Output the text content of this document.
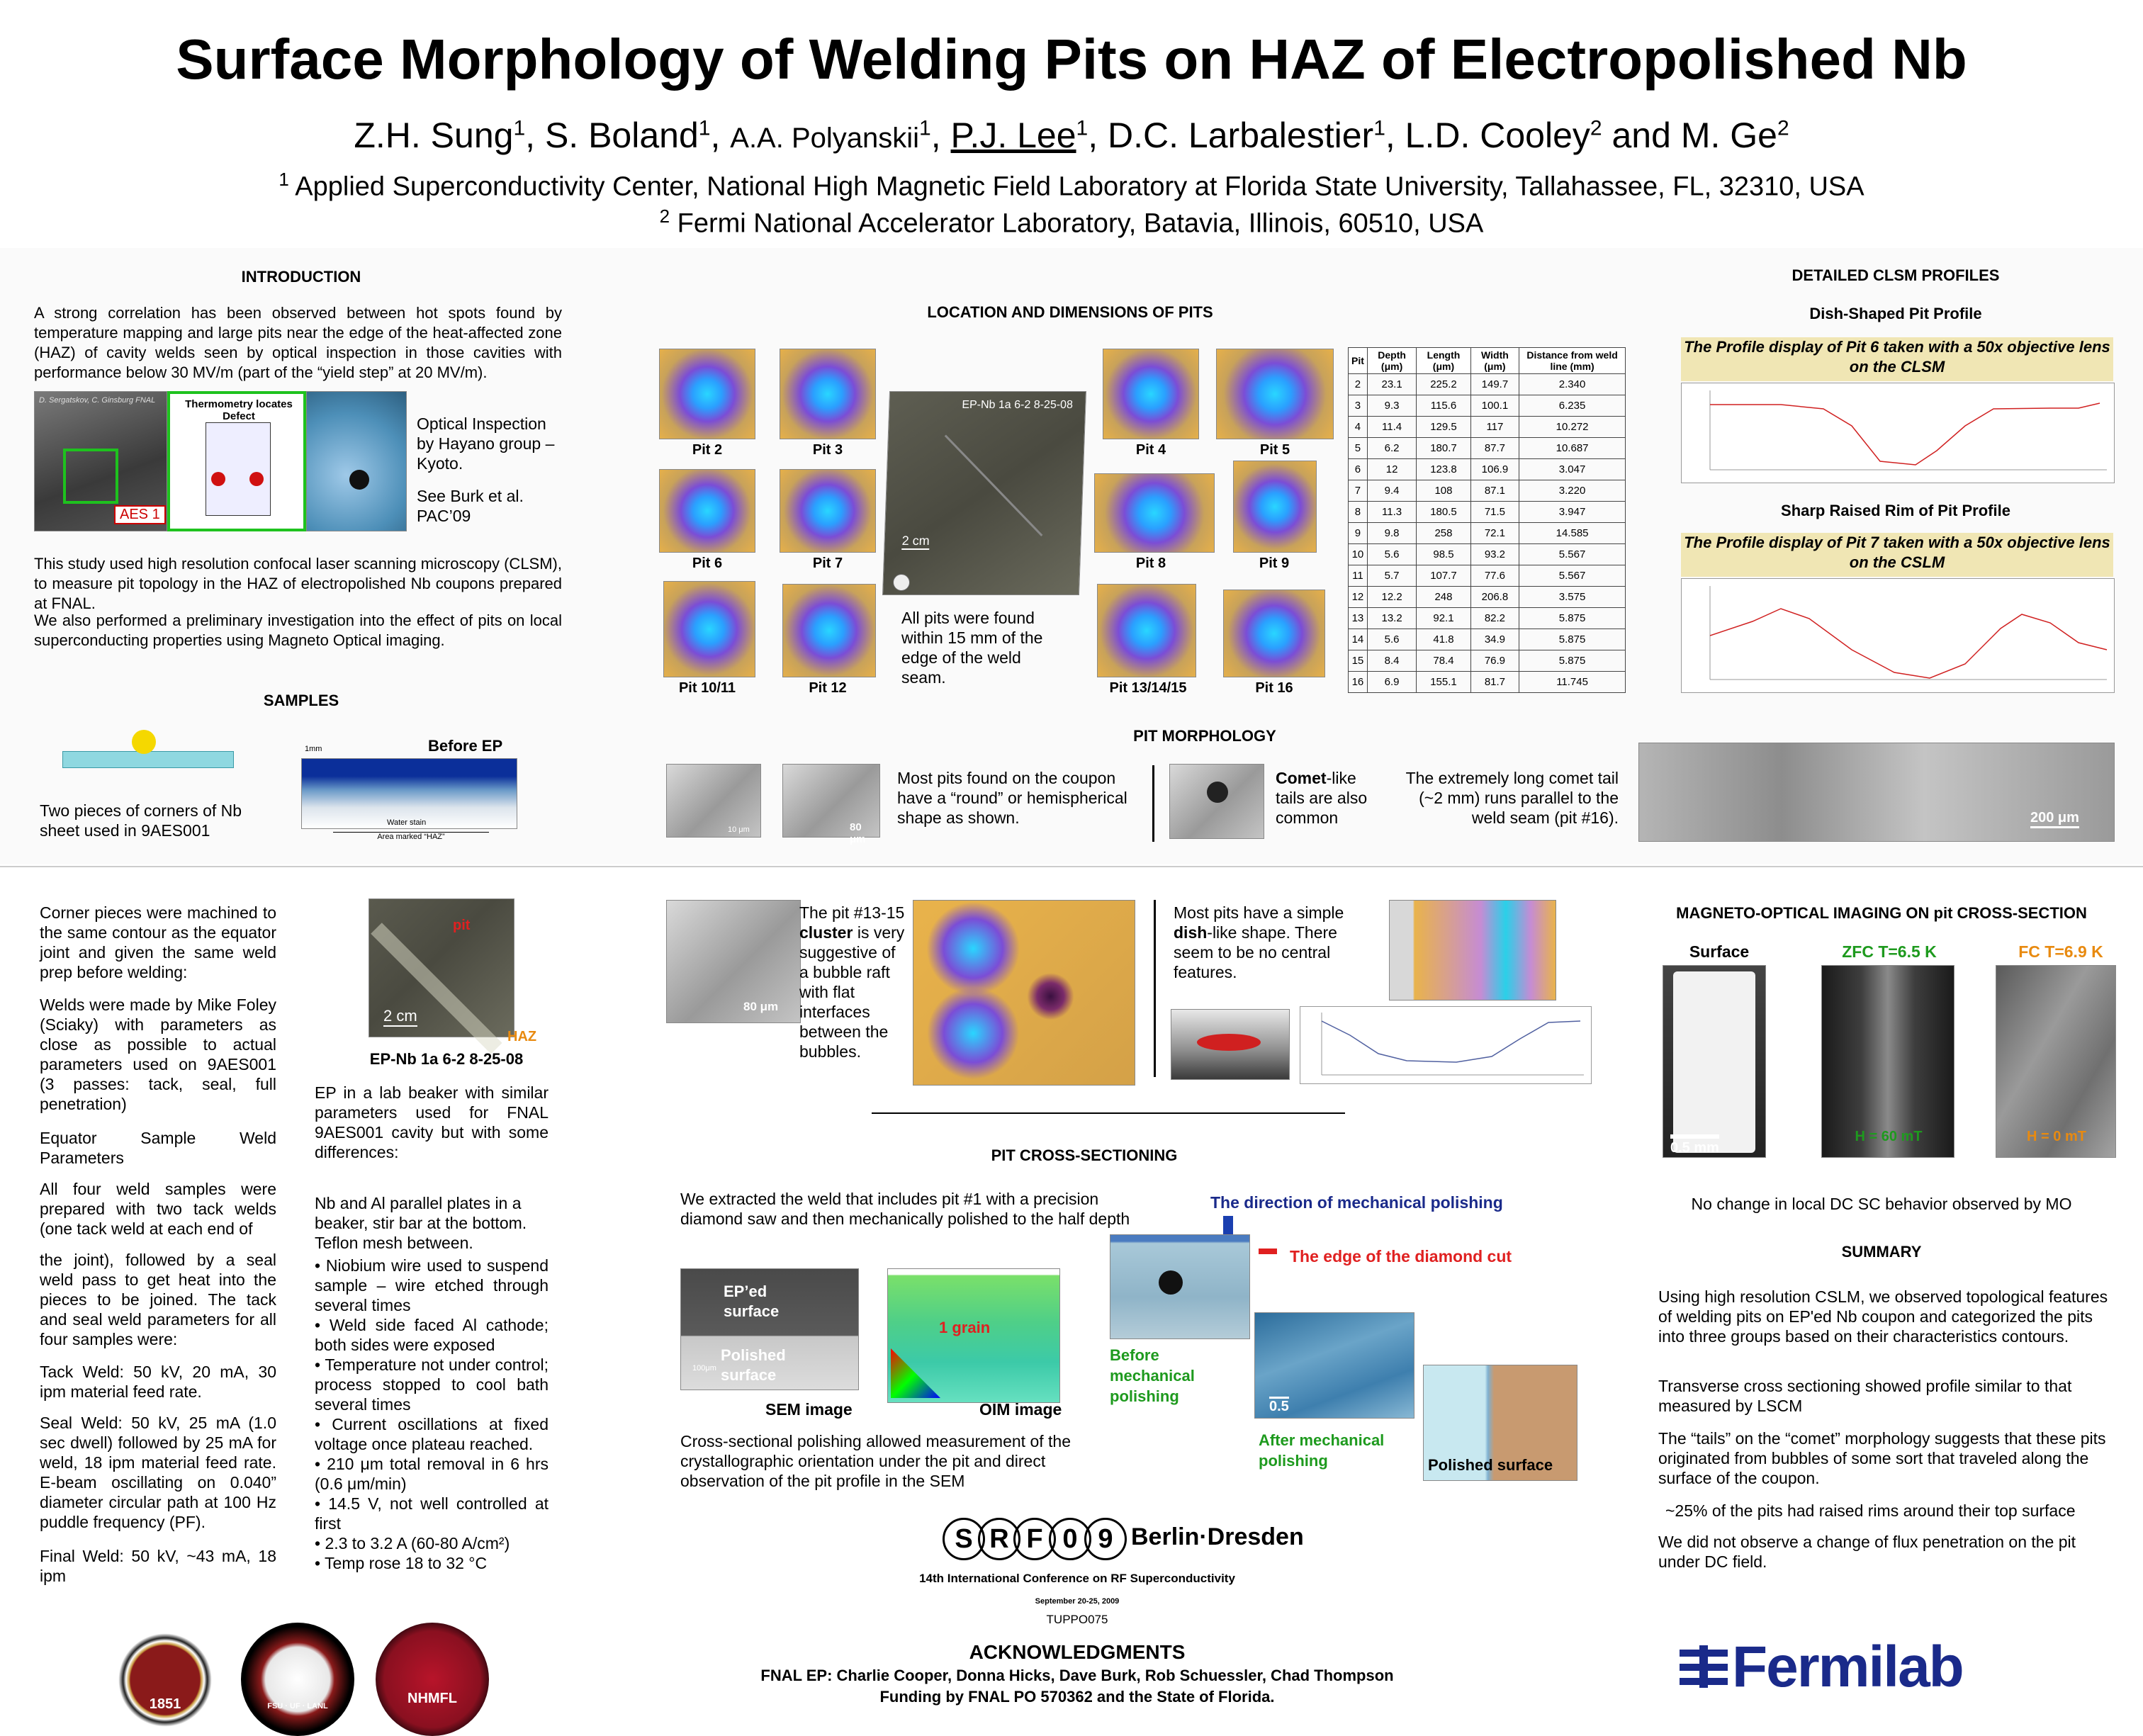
Surface Morphology of Welding Pits on HAZ of Electropolished Nb
Z.H. Sung$^1$, S. Boland$^1$, A.A. Polyanskii$^1$, P.J. Lee$^1$, D.C. Larbalestier$^1$, L.D. Cooley$^2$ and M. Ge$^2$
$^1$ Applied Superconductivity Center, National High Magnetic Field Laboratory at Florida State University, Tallahassee, FL, 32310, USA
$^2$ Fermi National Accelerator Laboratory, Batavia, Illinois, 60510, USA
INTRODUCTION
A strong correlation has been observed between hot spots found by temperature mapping and large pits near the edge of the heat-affected zone (HAZ) of cavity welds seen by optical inspection in those cavities with performance below 30 MV/m (part of the “yield step” at 20 MV/m).
D. Sergatskov, C. Ginsburg FNAL
AES 1
Thermometry locates Defect	Optical Inspection by Hayano group – Kyoto.
See Burk et al. PAC’09
This study used high resolution confocal laser scanning microscopy (CLSM), to measure pit topology in the HAZ of electropolished Nb coupons prepared at FNAL.
We also performed a preliminary investigation into the effect of pits on local superconducting properties using Magneto Optical imaging.
SAMPLES
1mm
Water stain
Before EP
Area marked “HAZ”
Two pieces of corners of Nb sheet used in 9AES001
LOCATION AND DIMENSIONS OF PITS
Pit 2	Pit 3
Pit 6	Pit 7
Pit 10/11	Pit 12
EP-Nb 1a 6-2 8-25-08
2 cm
All pits were found within 15 mm of the edge of the weld seam.
Pit 4	Pit 5
Pit 8	Pit 9
Pit 13/14/15	Pit 16
Pit	Depth (μm)	Length (μm)	Width (μm)	Distance from weld line (mm)
2	23.1	225.2	149.7	2.340
3	9.3	115.6	100.1	6.235
4	11.4	129.5	117	10.272
5	6.2	180.7	87.7	10.687
6	12	123.8	106.9	3.047
7	9.4	108	87.1	3.220
8	11.3	180.5	71.5	3.947
9	9.8	258	72.1	14.585
10	5.6	98.5	93.2	5.567
11	5.7	107.7	77.6	5.567
12	12.2	248	206.8	3.575
13	13.2	92.1	82.2	5.875
14	5.6	41.8	34.9	5.875
15	8.4	78.4	76.9	5.875
16	6.9	155.1	81.7	11.745
DETAILED CLSM PROFILES
Dish-Shaped Pit Profile
The Profile display of Pit 6 taken with a 50x objective lens on the CLSM
Sharp Raised Rim of Pit Profile
The Profile display of Pit 7 taken with a 50x objective lens on the CSLM
PIT MORPHOLOGY
10 μm	80 μm
Most pits found on the coupon have a “round” or hemispherical shape as shown.
Comet-like tails are also common
The extremely long comet tail (~2 mm) runs parallel to the weld seam (pit #16).	200 μm
Corner pieces were machined to the same contour as the equator joint and given the same weld prep before welding:
Welds were made by Mike Foley (Sciaky) with parameters as close as possible to actual parameters used on 9AES001 (3 passes: tack, seal, full penetration)
Equator Sample Weld Parameters
All four weld samples were prepared with two tack welds (one tack weld at each end of
the joint), followed by a seal weld pass to get heat into the pieces to be joined. The tack and seal weld parameters for all four samples were:
Tack Weld: 50 kV, 20 mA, 30 ipm material feed rate.
Seal Weld: 50 kV, 25 mA (1.0 sec dwell) followed by 25 mA for weld, 18 ipm material feed rate. E-beam oscillating on 0.040” diameter circular path at 100 Hz puddle frequency (PF).
Final Weld: 50 kV, ~43 mA, 18 ipm
pit
2 cm
HAZ
EP-Nb 1a 6-2 8-25-08
EP in a lab beaker with similar parameters used for FNAL 9AES001 cavity but with some differences:
Nb and Al parallel plates in a beaker, stir bar at the bottom. Teflon mesh between.
• Niobium wire used to suspend sample – wire etched through several times
• Weld side faced Al cathode; both sides were exposed
• Temperature not under control; process stopped to cool bath several times
• Current oscillations at fixed voltage once plateau reached.
• 210 μm total removal in 6 hrs (0.6 μm/min)
• 14.5 V, not well controlled at first
• 2.3 to 3.2 A (60-80 A/cm²)
• Temp rose 18 to 32 °C
80 μm
The pit #13-15 cluster is very suggestive of a bubble raft with flat interfaces between the bubbles.
Most pits have a simple dish-like shape. There seem to be no central features.
PIT CROSS-SECTIONING
We extracted the weld that includes pit #1 with a precision diamond saw and then mechanically polished to the half depth
EP’ed surface
Polished surface
100μm
1 grain
SEM image	OIM image
Cross-sectional polishing allowed measurement of the crystallographic orientation under the pit and direct observation of the pit profile in the SEM
The direction of mechanical polishing
The edge of the diamond cut
Before mechanical polishing
0.5
After mechanical polishing	Polished surface
S R F 0 9 Berlin·Dresden
14th International Conference on RF Superconductivity
September 20-25, 2009
TUPPO075
ACKNOWLEDGMENTS
FNAL EP: Charlie Cooper, Donna Hicks, Dave Burk, Rob Schuessler, Chad Thompson
Funding by FNAL PO 570362 and the State of Florida.
1851	FSU · UF · LANL	NHMFL	Fermilab
MAGNETO-OPTICAL IMAGING ON pit CROSS-SECTION
Surface	ZFC T=6.5 K	FC T=6.9 K
0.5 mm
H = 60 mT	H = 0 mT
No change in local DC SC behavior observed by MO
SUMMARY
Using high resolution CSLM, we observed topological features of welding pits on EP'ed Nb coupon and categorized the pits into three groups based on their characteristics contours.
Transverse cross sectioning showed profile similar to that measured by LSCM
The “tails” on the “comet” morphology suggests that these pits originated from bubbles of some sort that traveled along the surface of the coupon.
~25% of the pits had raised rims around their top surface
We did not observe a change of flux penetration on the pit under DC field.
